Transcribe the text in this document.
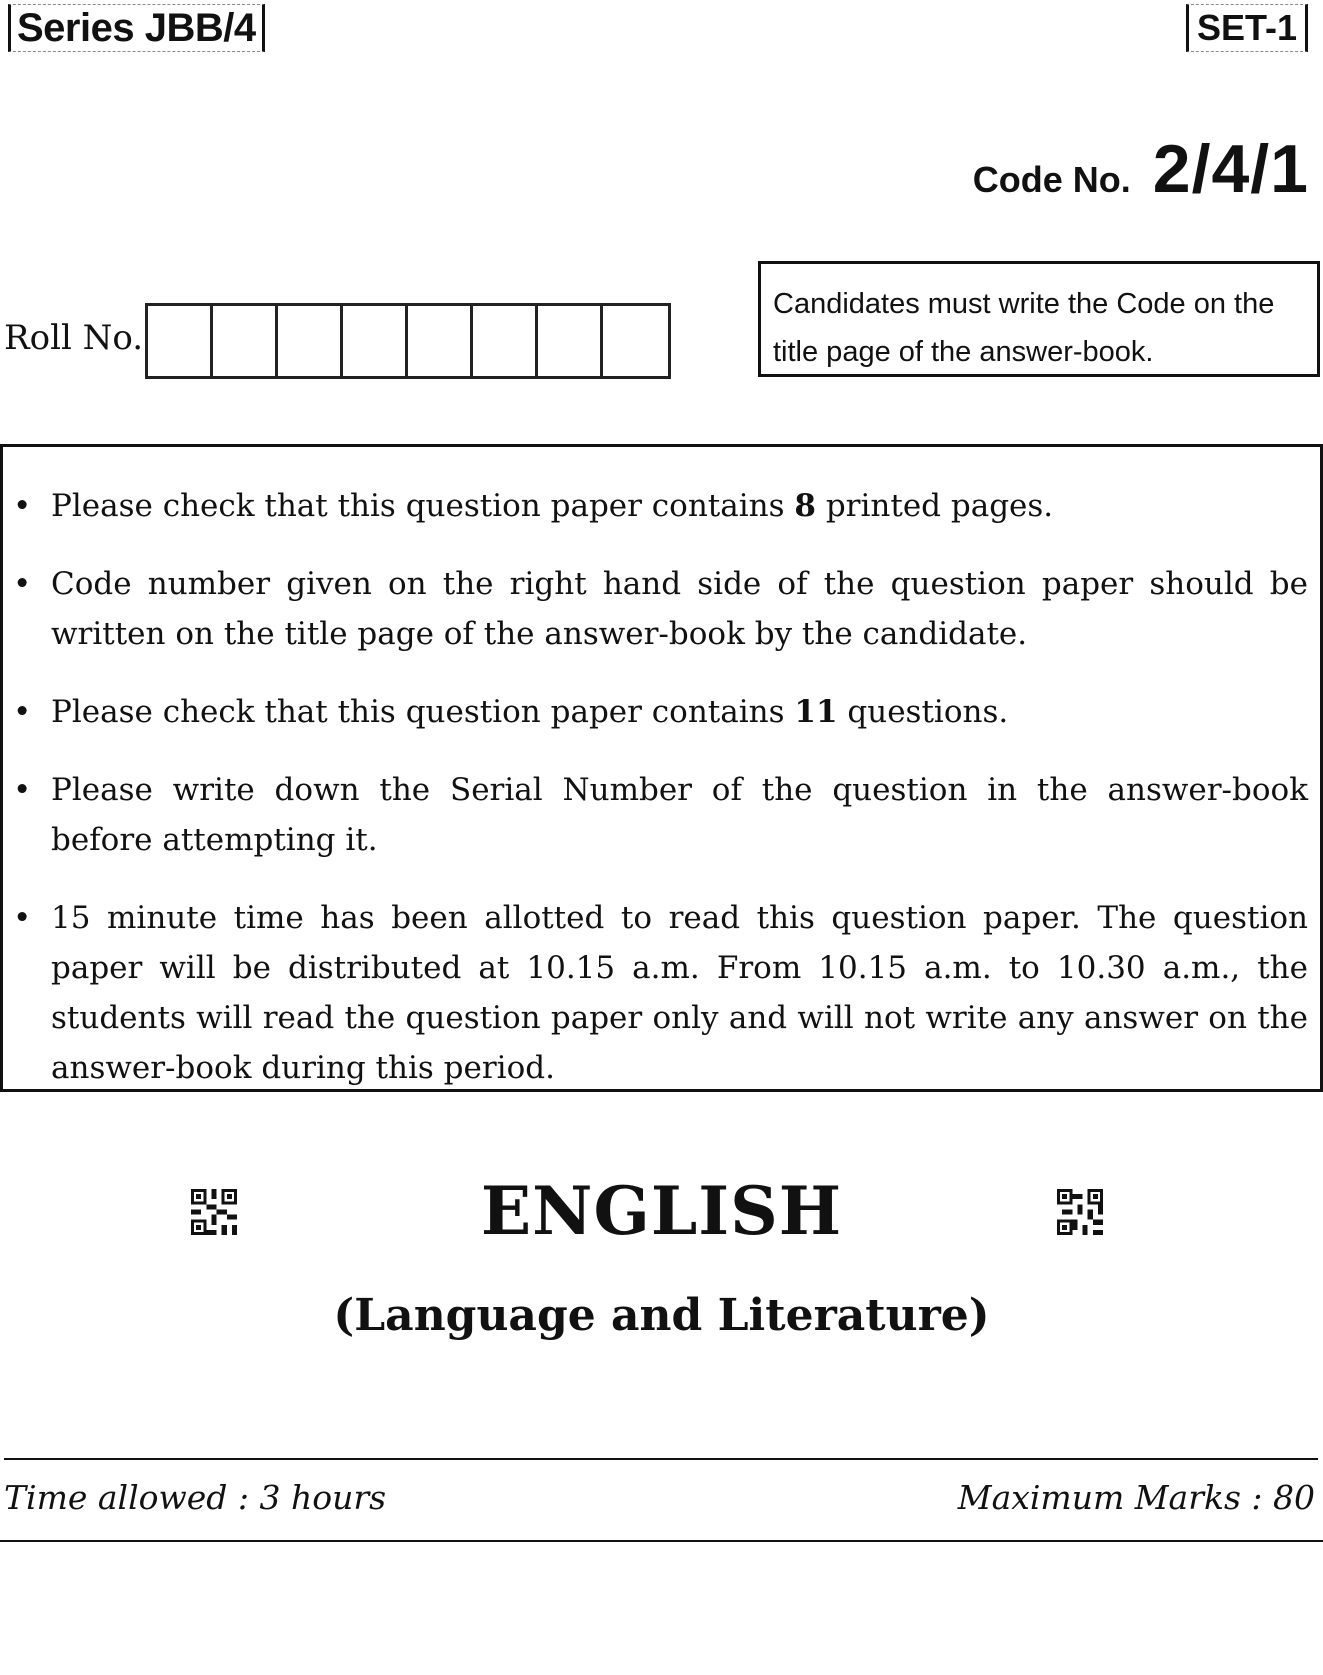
Series JBB/4	SET-1
Code No. 2/4/1
Roll No.
Candidates must write the Code on the
title page of the answer-book.
• Please check that this question paper contains 8 printed pages.
• Code number given on the right hand side of the question paper should be written on the title page of the answer-book by the candidate.
• Please check that this question paper contains 11 questions.
• Please write down the Serial Number of the question in the answer-book before attempting it.
• 15 minute time has been allotted to read this question paper. The question paper will be distributed at 10.15 a.m. From 10.15 a.m. to 10.30 a.m., the students will read the question paper only and will not write any answer on the answer-book during this period.
ENGLISH
(Language and Literature)
Time allowed : 3 hours	Maximum Marks : 80
